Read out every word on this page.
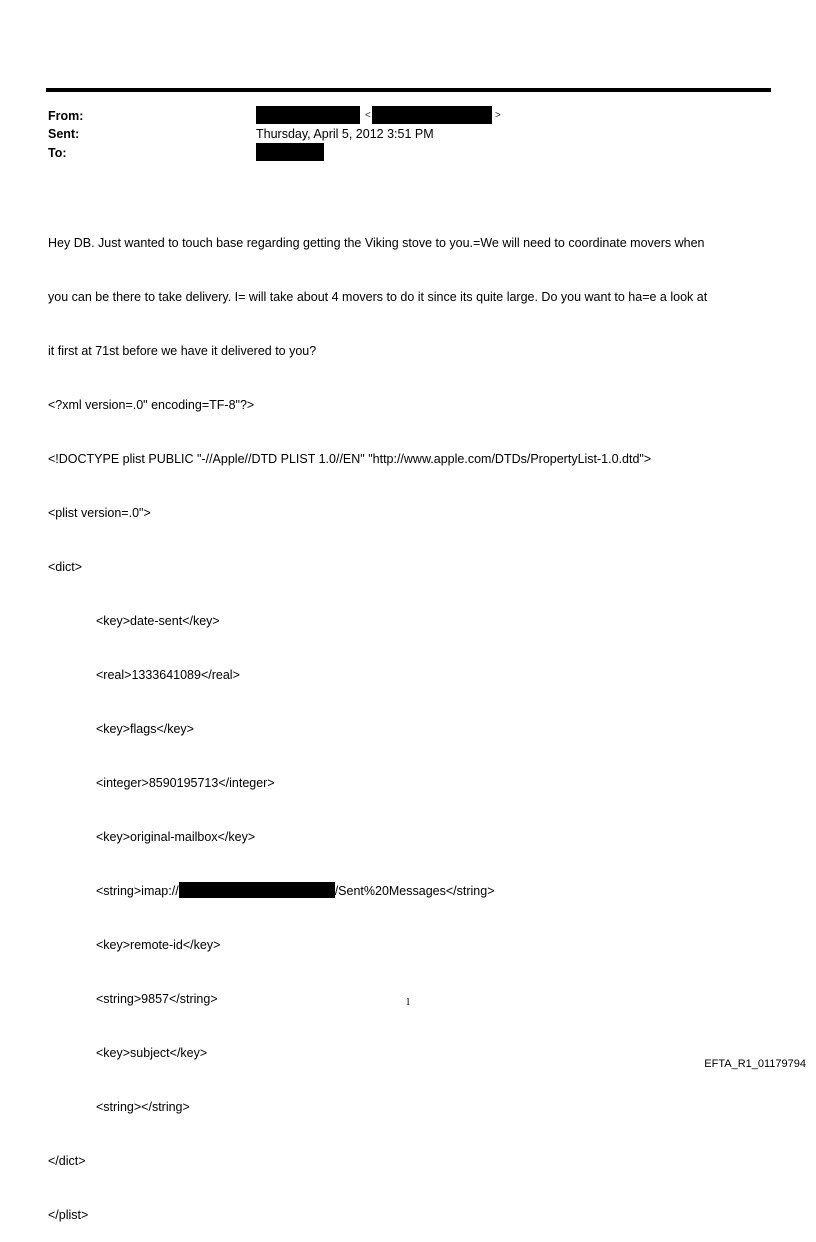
From:
Sent:
To:
<	>
Thursday, April 5, 2012 3:51 PM

Hey DB. Just wanted to touch base regarding getting the Viking stove to you.=We will need to coordinate movers when

you can be there to take delivery. I= will take about 4 movers to do it since its quite large. Do you want to ha=e a look at

it first at 71st before we have it delivered to you?

<?xml version=.0" encoding=TF-8"?>

<!DOCTYPE plist PUBLIC "-//Apple//DTD PLIST 1.0//EN" "http://www.apple.com/DTDs/PropertyList-1.0.dtd">

<plist version=.0">

<dict>

<key>date-sent</key>

<real>1333641089</real>

<key>flags</key>

<integer>8590195713</integer>

<key>original-mailbox</key>

<string>imap://	/Sent%20Messages</string>

<key>remote-id</key>

<string>9857</string>

<key>subject</key>

<string></string>

</dict>

</plist>

1
EFTA_R1_01179794
